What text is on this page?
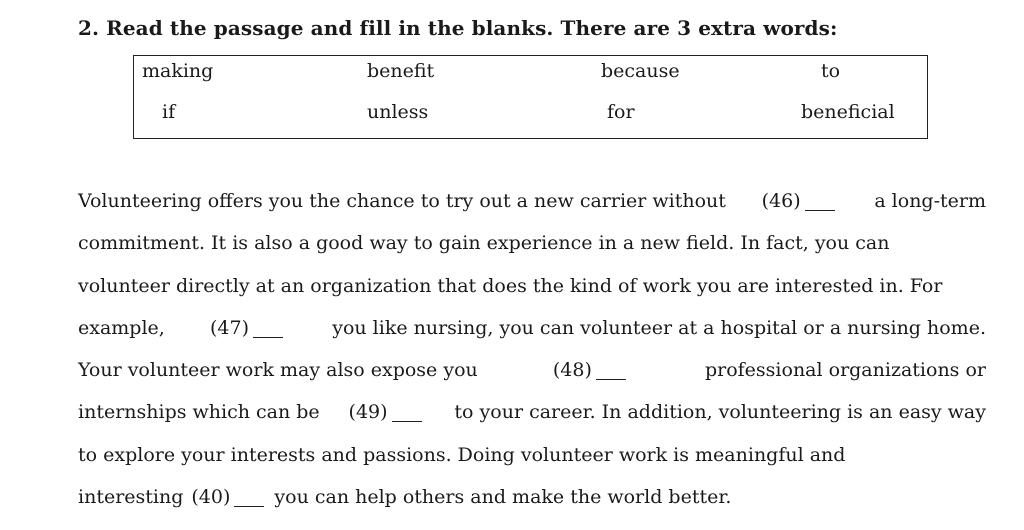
2. Read the passage and fill in the blanks. There are 3 extra words:
making	benefit	because	to
if	unless	for	beneficial
Volunteering offers you the chance to try out a new carrier without (46)	a long-term
commitment. It is also a good way to gain experience in a new field. In fact, you can
volunteer directly at an organization that does the kind of work you are interested in. For
example, (47)	you like nursing, you can volunteer at a hospital or a nursing home.
Your volunteer work may also expose you	(48)	professional organizations or
internships which can be (49)	to your career. In addition, volunteering is an easy way
to explore your interests and passions. Doing volunteer work is meaningful and
interesting (40) you can help others and make the world better.
